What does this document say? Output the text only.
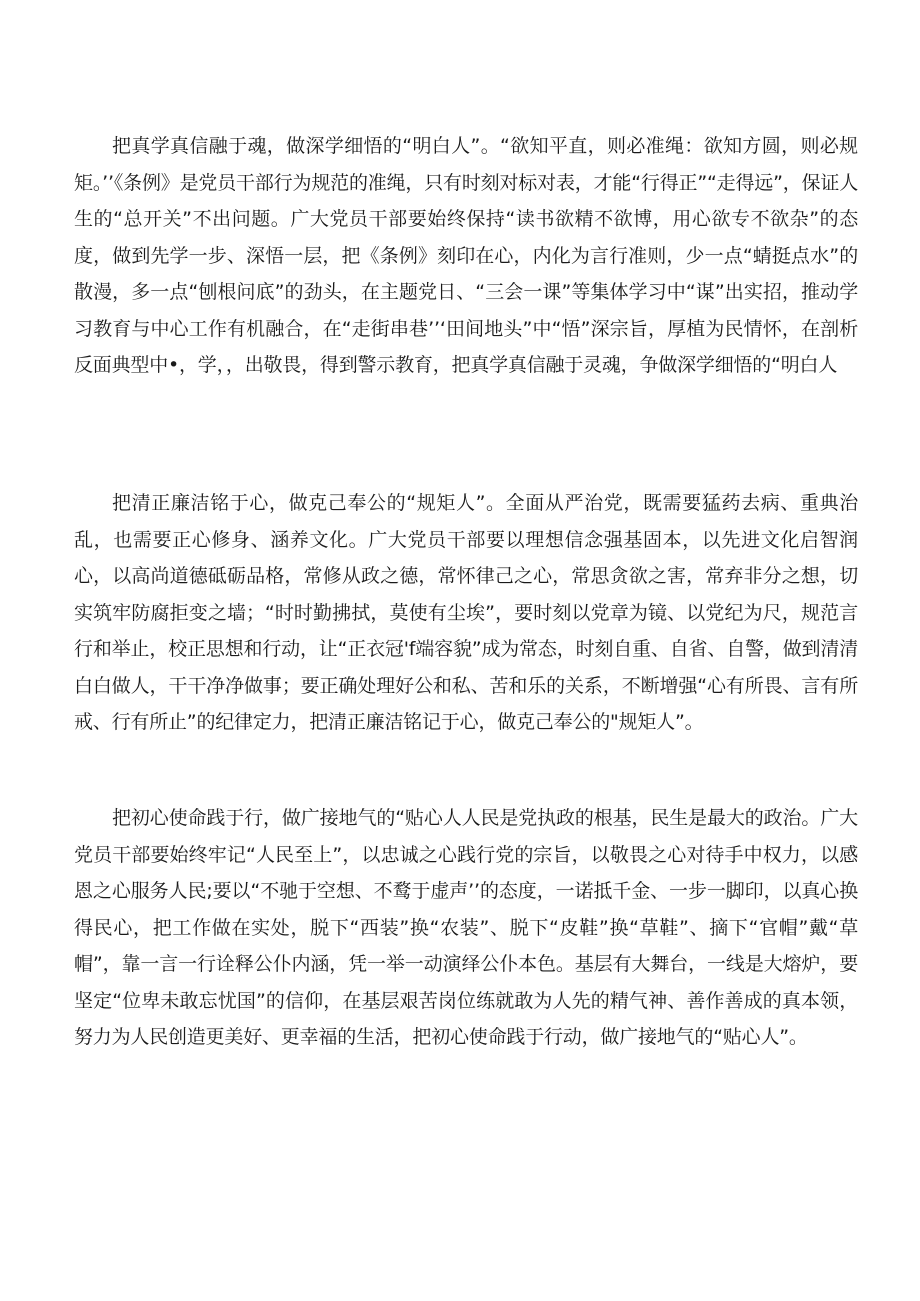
把真学真信融于魂，做深学细悟的“明白人”。“欲知平直，则必准绳：欲知方圆，则必规矩。’’《条例》是党员干部行为规范的准绳，只有时刻对标对表，才能“行得正”“走得远”，保证人生的“总开关”不出问题。广大党员干部要始终保持“读书欲精不欲博，用心欲专不欲杂”的态度，做到先学一步、深悟一层，把《条例》刻印在心，内化为言行准则，少一点“蜻挺点水”的散漫，多一点“刨根问底”的劲头，在主题党日、“三会一课”等集体学习中“谋”出实招，推动学习教育与中心工作有机融合，在“走街串巷’’‘田间地头”中“悟”深宗旨，厚植为民情怀，在剖析反面典型中•，学，，出敬畏，得到警示教育，把真学真信融于灵魂，争做深学细悟的“明白人

把清正廉洁铭于心，做克己奉公的“规矩人”。全面从严治党，既需要猛药去病、重典治乱，也需要正心修身、涵养文化。广大党员干部要以理想信念强基固本，以先进文化启智润心，以高尚道德砥砺品格，常修从政之德，常怀律己之心，常思贪欲之害，常弃非分之想，切实筑牢防腐拒变之墙；“时时勤拂拭，莫使有尘埃”，要时刻以党章为镜、以党纪为尺，规范言行和举止，校正思想和行动，让“正衣冠'f端容貌”成为常态，时刻自重、自省、自警，做到清清白白做人，干干净净做事；要正确处理好公和私、苦和乐的关系，不断增强“心有所畏、言有所戒、行有所止”的纪律定力，把清正廉洁铭记于心，做克己奉公的"规矩人”。

把初心使命践于行，做广接地气的“贴心人人民是党执政的根基，民生是最大的政治。广大党员干部要始终牢记“人民至上”，以忠诚之心践行党的宗旨，以敬畏之心对待手中权力，以感恩之心服务人民;要以“不驰于空想、不鹜于虚声’’的态度，一诺抵千金、一步一脚印，以真心换得民心，把工作做在实处，脱下“西装”换“农装”、脱下“皮鞋”换“草鞋”、摘下“官帽”戴“草帽”，靠一言一行诠释公仆内涵，凭一举一动演绎公仆本色。基层有大舞台，一线是大熔炉，要坚定“位卑未敢忘忧国”的信仰，在基层艰苦岗位练就敢为人先的精气神、善作善成的真本领，努力为人民创造更美好、更幸福的生活，把初心使命践于行动，做广接地气的“贴心人”。
